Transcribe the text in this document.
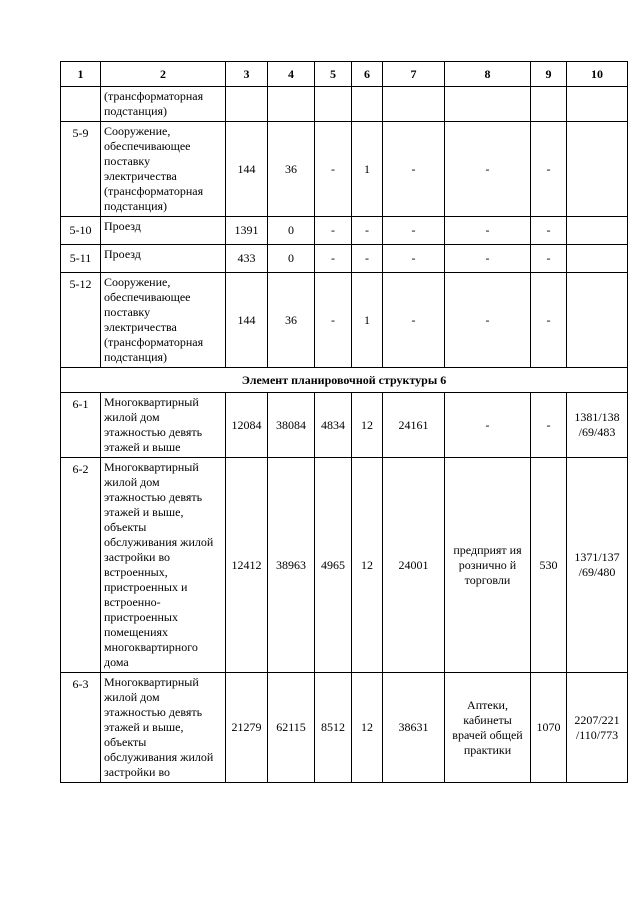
1	2	3	4	5	6	7	8	9	10
	(трансформаторная подстанция)								
5-9	Сооружение, обеспечивающее поставку электричества (трансформаторная подстанция)	144	36	-	1	-	-	-	
5-10	Проезд	1391	0	-	-	-	-	-	
5-11	Проезд	433	0	-	-	-	-	-	
5-12	Сооружение, обеспечивающее поставку электричества (трансформаторная подстанция)	144	36	-	1	-	-	-	
Элемент планировочной структуры 6									
6-1	Многоквартирный жилой дом этажностью девять этажей и выше	12084	38084	4834	12	24161	-	-	1381/138 /69/483
6-2	Многоквартирный жилой дом этажностью девять этажей и выше, объекты обслуживания жилой застройки во встроенных, пристроенных и встроенно-пристроенных помещениях многоквартирного дома	12412	38963	4965	12	24001	предприят ия рознично й торговли	530	1371/137 /69/480
6-3	Многоквартирный жилой дом этажностью девять этажей и выше, объекты обслуживания жилой застройки во	21279	62115	8512	12	38631	Аптеки, кабинеты врачей общей практики	1070	2207/221 /110/773
